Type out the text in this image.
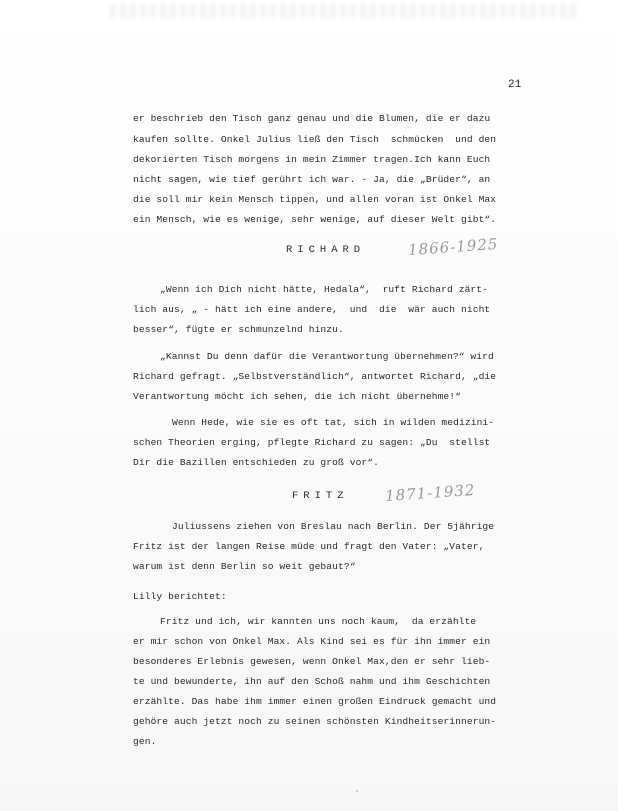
21
er beschrieb den Tisch ganz genau und die Blumen, die er dazu
kaufen sollte. Onkel Julius ließ den Tisch  schmücken  und den
dekorierten Tisch morgens in mein Zimmer tragen.Ich kann Euch
nicht sagen, wie tief gerührt ich war. - Ja, die „Brüder“, an
die soll mir kein Mensch tippen, und allen voran ist Onkel Max
ein Mensch, wie es wenige, sehr wenige, auf dieser Welt gibt“.
RICHARD	1866-1925
„Wenn ich Dich nicht hätte, Hedala“,  ruft Richard zärt-
lich aus, „ - hätt ich eine andere,  und  die  wär auch nicht
besser“, fügte er schmunzelnd hinzu.
„Kannst Du denn dafür die Verantwortung übernehmen?“ wird
Richard gefragt. „Selbstverständlich“, antwortet Richard, „die
Verantwortung möcht ich sehen, die ich nicht übernehme!“
Wenn Hede, wie sie es oft tat, sich in wilden medizini-
schen Theorien erging, pflegte Richard zu sagen: „Du  stellst
Dir die Bazillen entschieden zu groß vor“.
FRITZ 1871-1932
Juliussens ziehen von Breslau nach Berlin. Der 5jährige
Fritz ist der langen Reise müde und fragt den Vater: „Vater,
warum ist denn Berlin so weit gebaut?“
Lilly berichtet:
Fritz und ich, wir kannten uns noch kaum,  da erzählte
er mir schon von Onkel Max. Als Kind sei es für ihn immer ein
besonderes Erlebnis gewesen, wenn Onkel Max,den er sehr lieb-
te und bewunderte, ihn auf den Schoß nahm und ihm Geschichten
erzählte. Das habe ihm immer einen großen Eindruck gemacht und
gehöre auch jetzt noch zu seinen schönsten Kindheitserinnerun-
gen.
